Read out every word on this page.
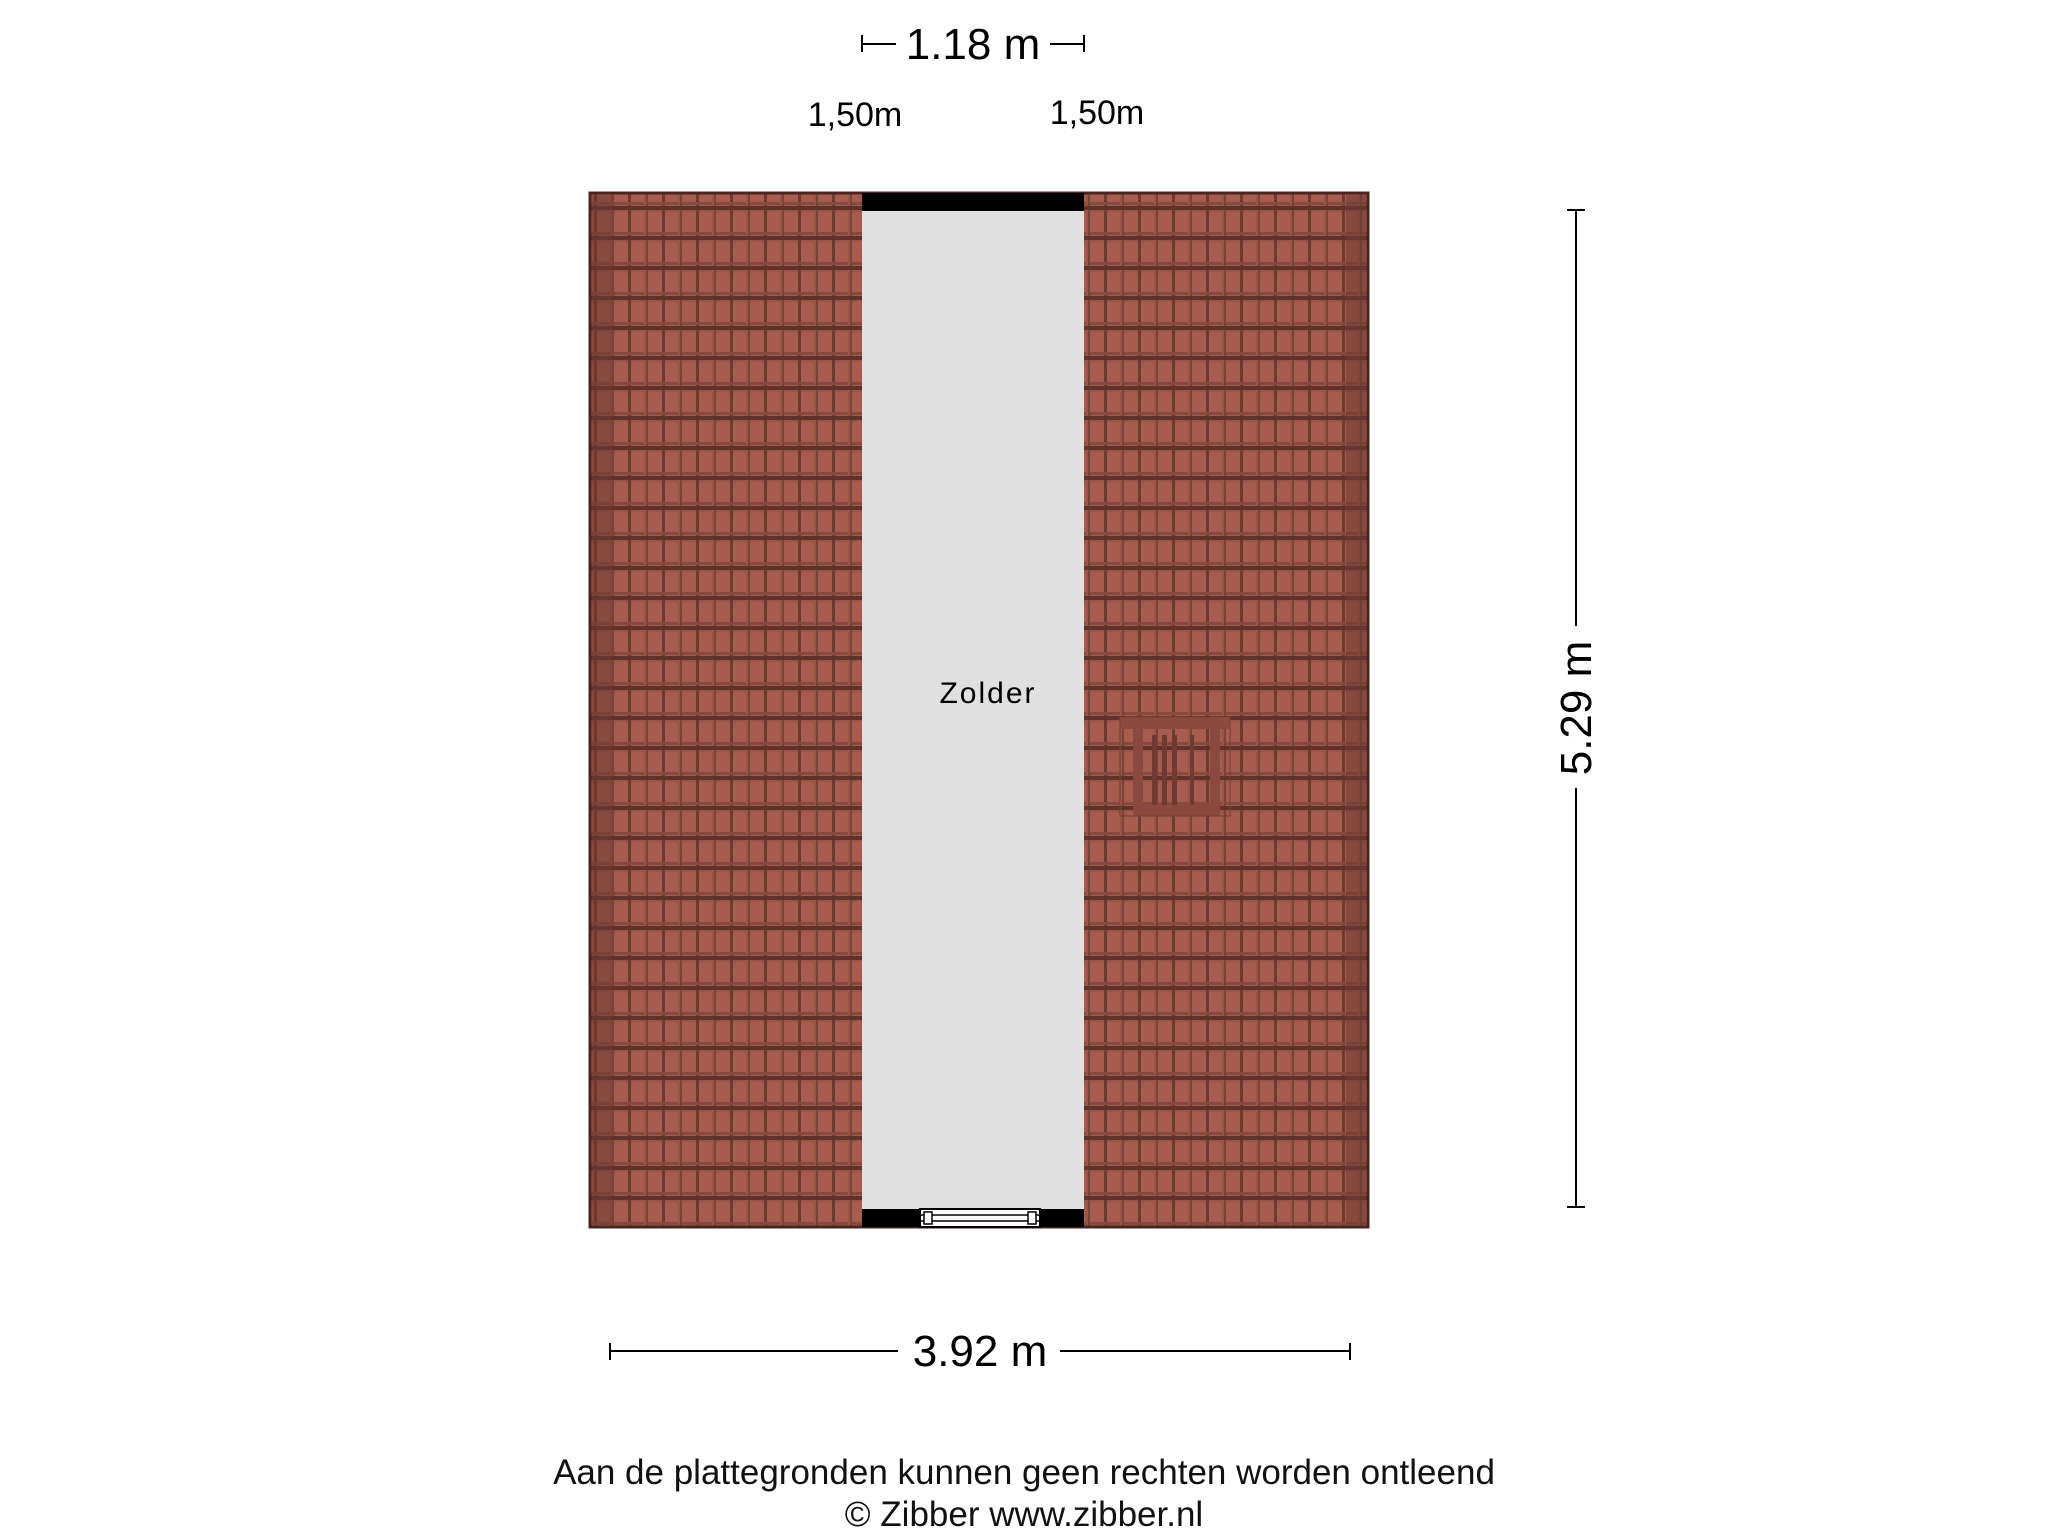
Zolder
1.18 m
1,50m	1,50m
3.92 m
5.29 m
Aan de plattegronden kunnen geen rechten worden ontleend
© Zibber www.zibber.nl
